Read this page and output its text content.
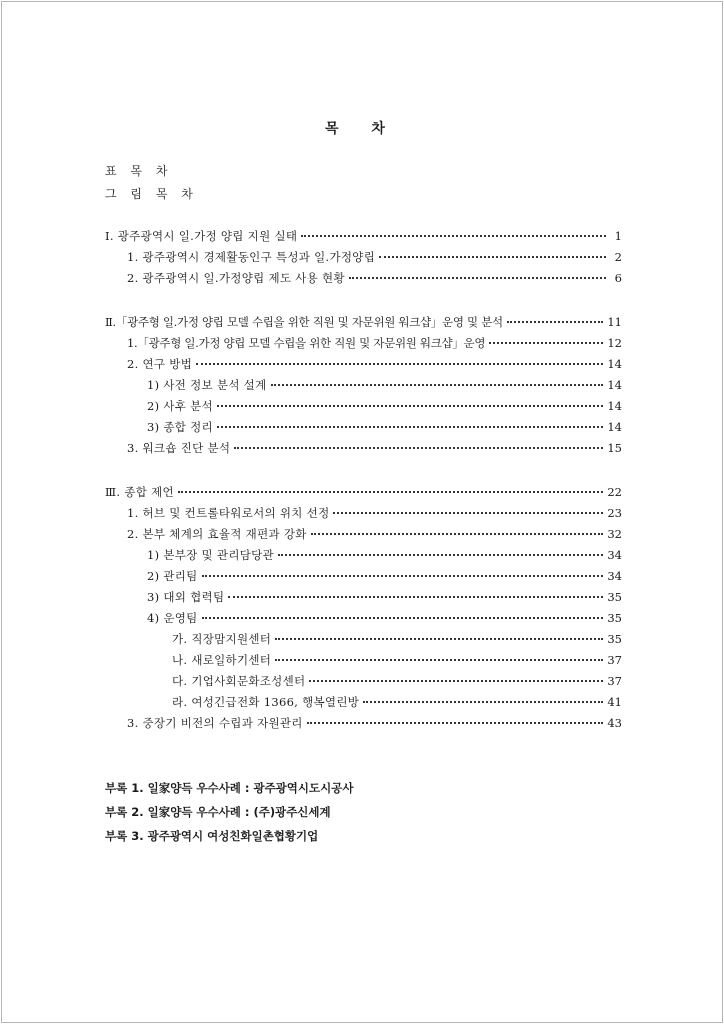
목 차
표 목 차
그 림 목 차
Ⅰ. 광주광역시 일.가정 양립 지원 실태	1
1. 광주광역시 경제활동인구 특성과 일.가정양립	2
2. 광주광역시 일.가정양립 제도 사용 현황	6
Ⅱ.「광주형 일.가정 양립 모델 수립을 위한 직원 및 자문위원 워크샵」운영 및 분석	11
1.「광주형 일.가정 양립 모델 수립을 위한 직원 및 자문위원 워크샵」운영	12
2. 연구 방법	14
1) 사전 정보 분석 설계	14
2) 사후 분석	14
3) 종합 정리	14
3. 워크숍 진단 분석	15
Ⅲ. 종합 제언	22
1. 허브 및 컨트롤타워로서의 위치 선정	23
2. 본부 체계의 효율적 재편과 강화	32
1) 본부장 및 관리담당관	34
2) 관리팀	34
3) 대외 협력팀	35
4) 운영팀	35
가. 직장맘지원센터	35
나. 새로일하기센터	37
다. 기업사회문화조성센터	37
라. 여성긴급전화 1366, 행복열린방	41
3. 중장기 비전의 수립과 자원관리	43
부록 1. 일家양득 우수사례 : 광주광역시도시공사
부록 2. 일家양득 우수사례 : (주)광주신세계
부록 3. 광주광역시 여성친화일촌협황기업
